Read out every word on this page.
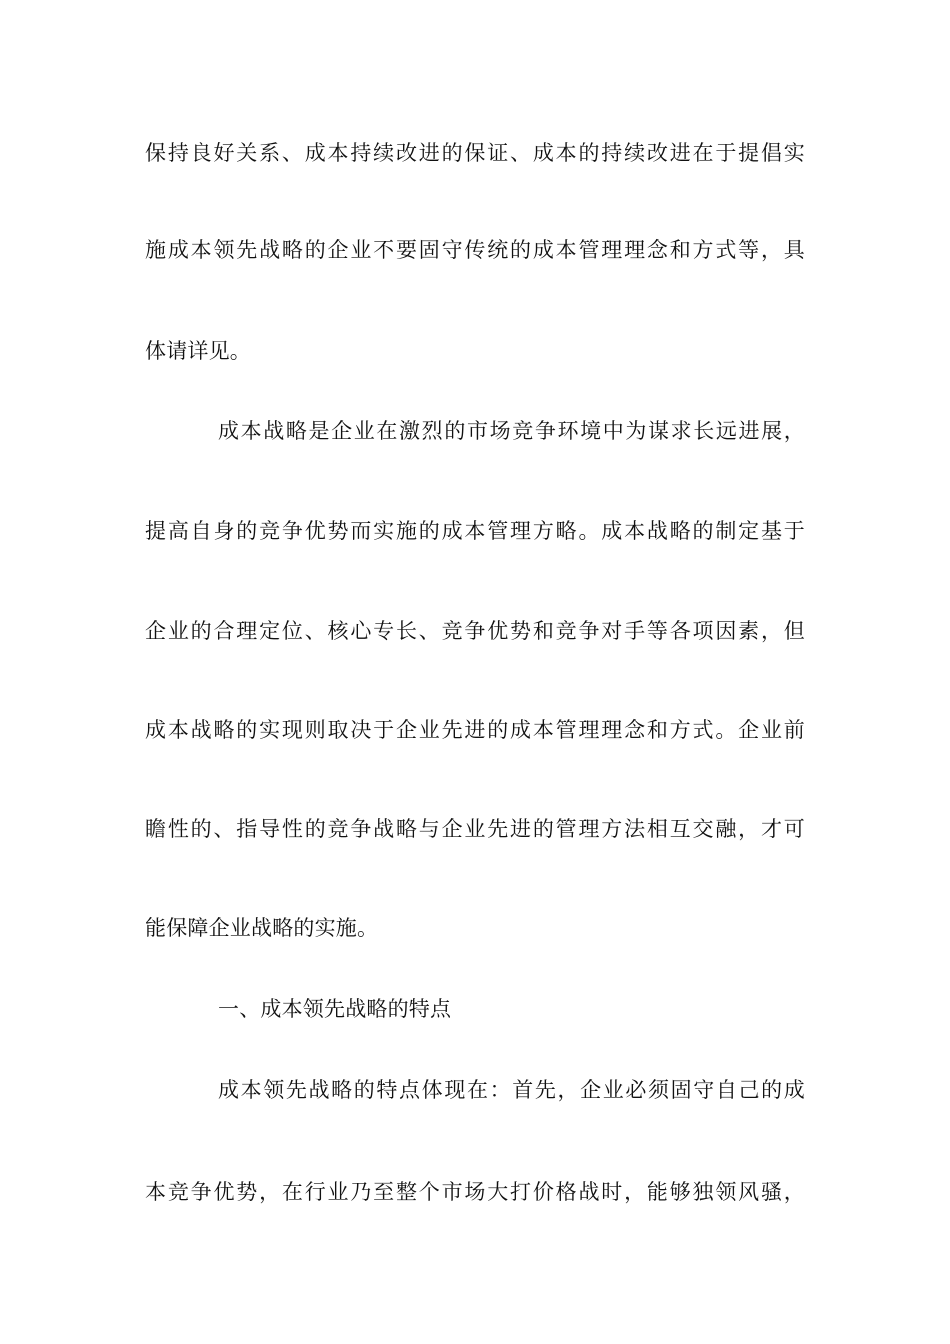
保持良好关系、成本持续改进的保证、成本的持续改进在于提倡实
施成本领先战略的企业不要固守传统的成本管理理念和方式等，具
体请详见。
成本战略是企业在激烈的市场竞争环境中为谋求长远进展，
提高自身的竞争优势而实施的成本管理方略。成本战略的制定基于
企业的合理定位、核心专长、竞争优势和竞争对手等各项因素，但
成本战略的实现则取决于企业先进的成本管理理念和方式。企业前
瞻性的、指导性的竞争战略与企业先进的管理方法相互交融，才可
能保障企业战略的实施。
一、成本领先战略的特点
成本领先战略的特点体现在：首先，企业必须固守自己的成
本竞争优势，在行业乃至整个市场大打价格战时，能够独领风骚，
